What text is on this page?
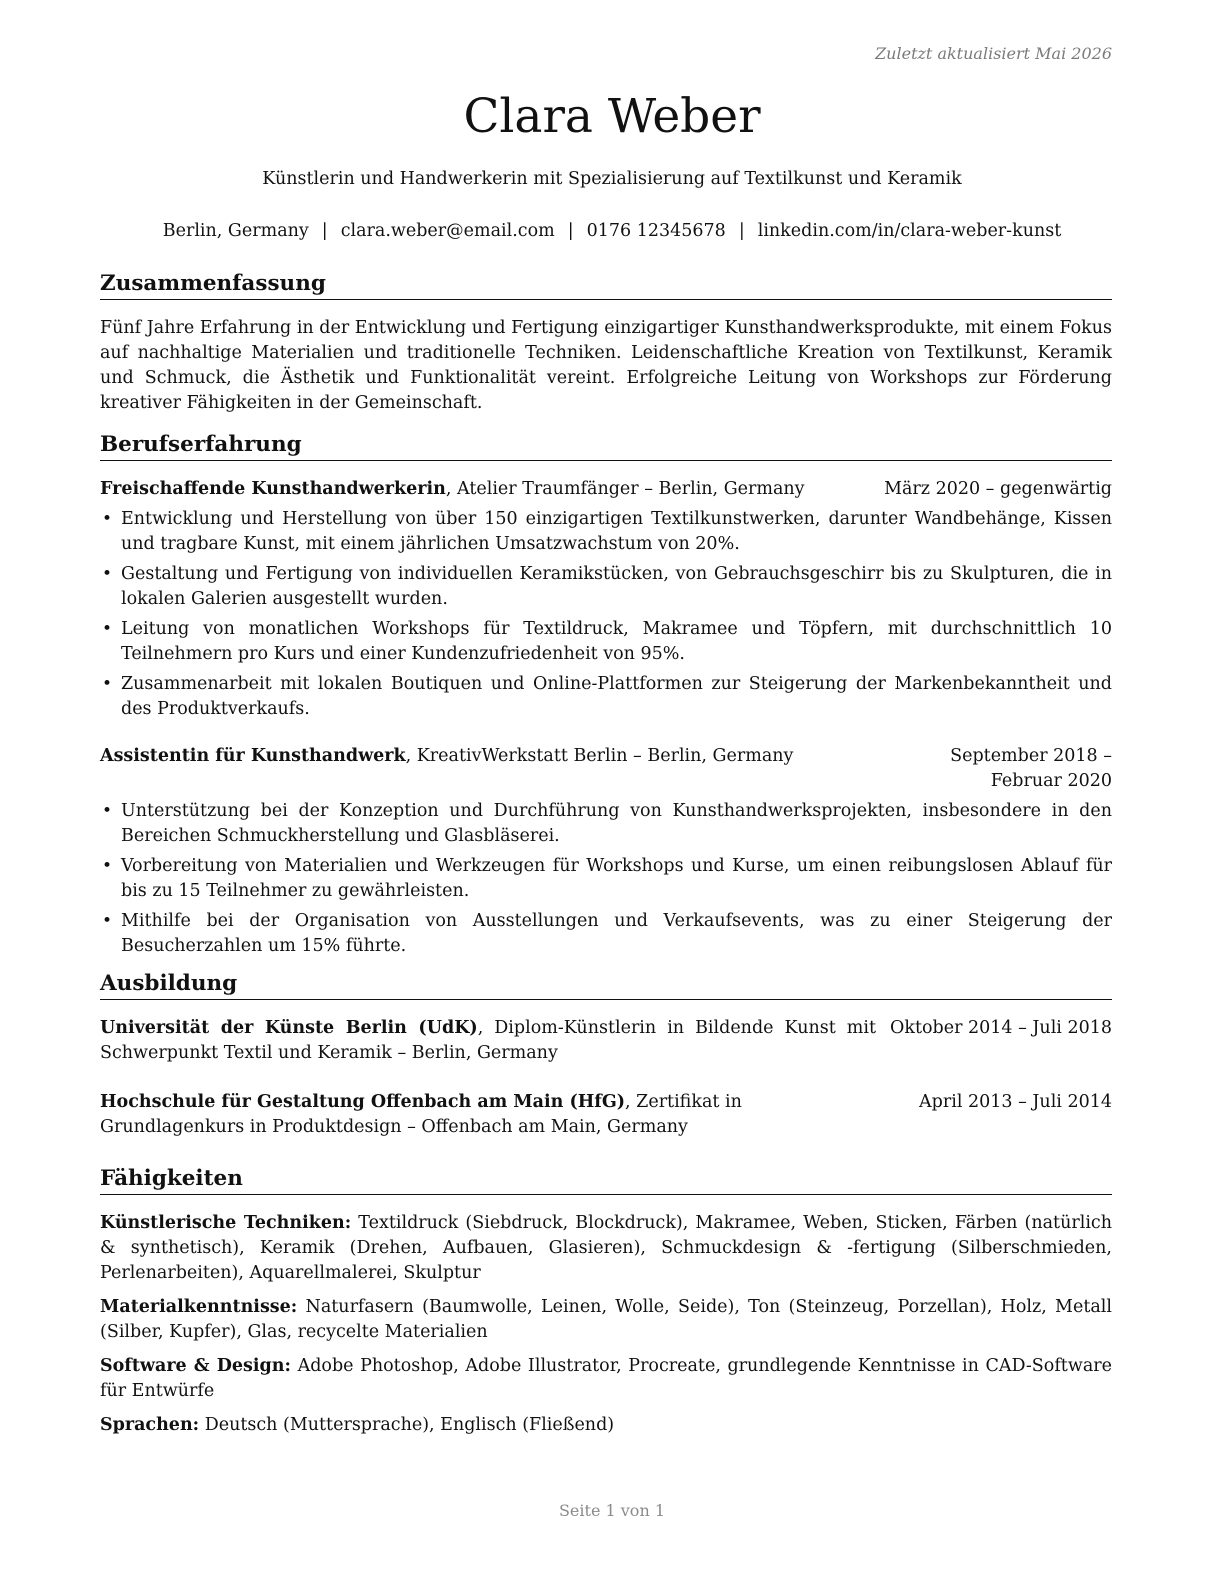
Zuletzt aktualisiert Mai 2026
Clara Weber
Künstlerin und Handwerkerin mit Spezialisierung auf Textilkunst und Keramik
Berlin, Germany | clara.weber@email.com | 0176 12345678 | linkedin.com/in/clara-weber-kunst
Zusammenfassung
Fünf Jahre Erfahrung in der Entwicklung und Fertigung einzigartiger Kunsthandwerksprodukte, mit einem Fokus auf nachhaltige Materialien und traditionelle Techniken. Leidenschaftliche Kreation von Textilkunst, Keramik und Schmuck, die Ästhetik und Funktionalität vereint. Erfolgreiche Leitung von Workshops zur Förderung kreativer Fähigkeiten in der Gemeinschaft.
Berufserfahrung
Freischaffende Kunsthandwerkerin, Atelier Traumfänger – Berlin, Germany	März 2020 – gegenwärtig
• Entwicklung und Herstellung von über 150 einzigartigen Textilkunstwerken, darunter Wandbehänge, Kissen und tragbare Kunst, mit einem jährlichen Umsatzwachstum von 20%.
• Gestaltung und Fertigung von individuellen Keramikstücken, von Gebrauchsgeschirr bis zu Skulpturen, die in lokalen Galerien ausgestellt wurden.
• Leitung von monatlichen Workshops für Textildruck, Makramee und Töpfern, mit durchschnittlich 10 Teilnehmern pro Kurs und einer Kundenzufriedenheit von 95%.
• Zusammenarbeit mit lokalen Boutiquen und Online-Plattformen zur Steigerung der Markenbekanntheit und des Produktverkaufs.
Assistentin für Kunsthandwerk, KreativWerkstatt Berlin – Berlin, Germany	September 2018 – Februar 2020
• Unterstützung bei der Konzeption und Durchführung von Kunsthandwerksprojekten, insbesondere in den Bereichen Schmuckherstellung und Glasbläserei.
• Vorbereitung von Materialien und Werkzeugen für Workshops und Kurse, um einen reibungslosen Ablauf für bis zu 15 Teilnehmer zu gewährleisten.
• Mithilfe bei der Organisation von Ausstellungen und Verkaufsevents, was zu einer Steigerung der Besucherzahlen um 15% führte.
Ausbildung
Universität der Künste Berlin (UdK), Diplom-Künstlerin in Bildende Kunst mit Schwerpunkt Textil und Keramik – Berlin, Germany
Oktober 2014 – Juli 2018
Hochschule für Gestaltung Offenbach am Main (HfG), Zertifikat in Grundlagenkurs in Produktdesign – Offenbach am Main, Germany
April 2013 – Juli 2014
Fähigkeiten
Künstlerische Techniken: Textildruck (Siebdruck, Blockdruck), Makramee, Weben, Sticken, Färben (natürlich & synthetisch), Keramik (Drehen, Aufbauen, Glasieren), Schmuckdesign & -fertigung (Silberschmieden, Perlenarbeiten), Aquarellmalerei, Skulptur
Materialkenntnisse: Naturfasern (Baumwolle, Leinen, Wolle, Seide), Ton (Steinzeug, Porzellan), Holz, Metall (Silber, Kupfer), Glas, recycelte Materialien
Software & Design: Adobe Photoshop, Adobe Illustrator, Procreate, grundlegende Kenntnisse in CAD-Software für Entwürfe
Sprachen: Deutsch (Muttersprache), Englisch (Fließend)
Seite 1 von 1
